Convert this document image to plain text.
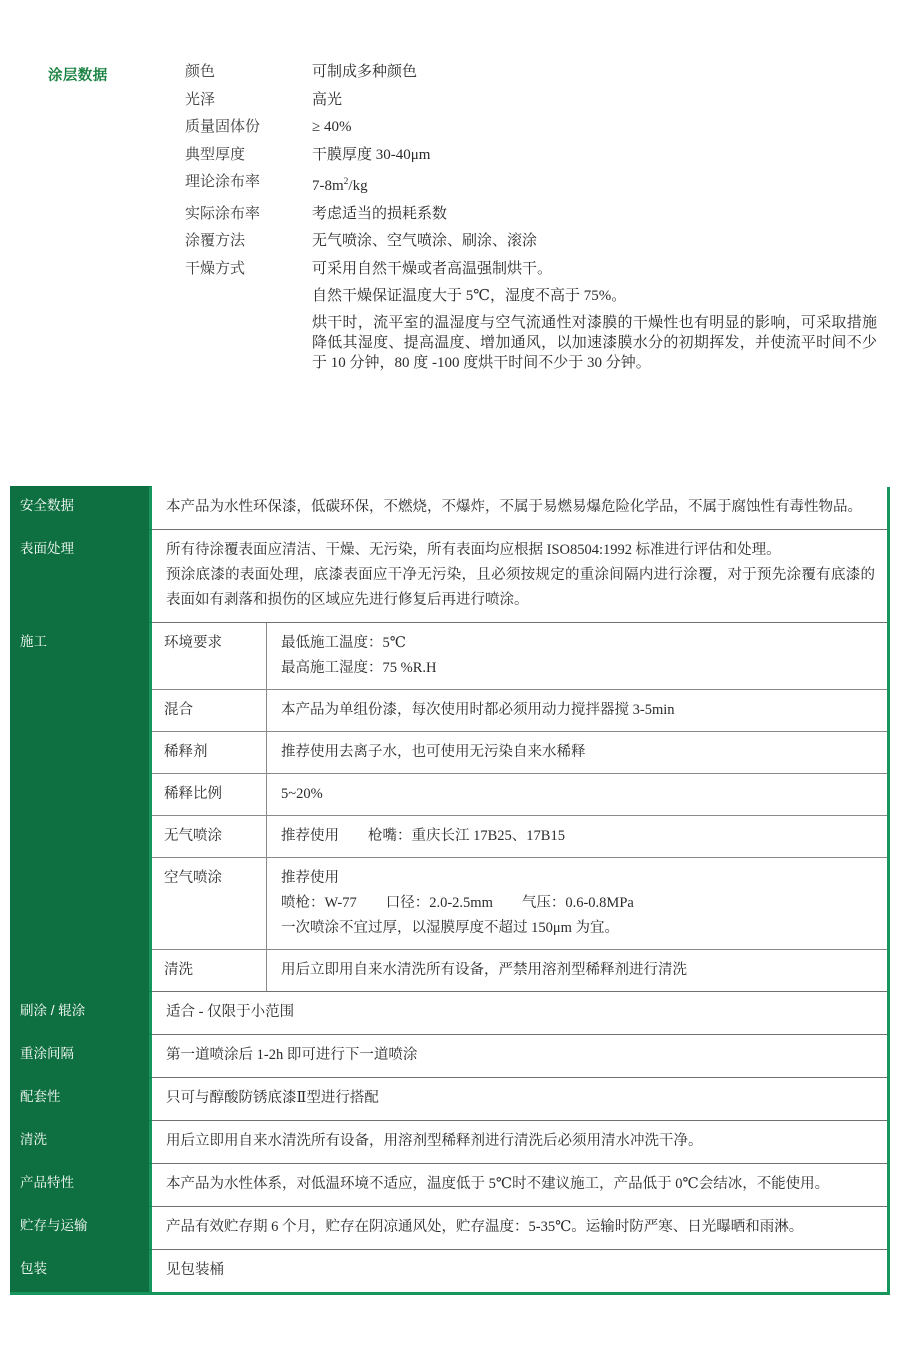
涂层数据	颜色	可制成多种颜色
光泽	高光
质量固体份	≥ 40%
典型厚度	干膜厚度 30-40μm
理论涂布率	$7-8m^2/kg$
实际涂布率	考虑适当的损耗系数
涂覆方法	无气喷涂、空气喷涂、刷涂、滚涂
干燥方式	可采用自然干燥或者高温强制烘干。
自然干燥保证温度大于 5℃，湿度不高于 75%。
烘干时，流平室的温湿度与空气流通性对漆膜的干燥性也有明显的影响，可采取措施降低其湿度、提高温度、增加通风，以加速漆膜水分的初期挥发，并使流平时间不少于 10 分钟，80 度 -100 度烘干时间不少于 30 分钟。
安全数据	本产品为水性环保漆，低碳环保，不燃烧，不爆炸，不属于易燃易爆危险化学品，不属于腐蚀性有毒性物品。

表面处理	所有待涂覆表面应清洁、干燥、无污染，所有表面均应根据 ISO8504:1992 标准进行评估和处理。

预涂底漆的表面处理，底漆表面应干净无污染，且必须按规定的重涂间隔内进行涂覆，对于预先涂覆有底漆的表面如有剥落和损伤的区域应先进行修复后再进行喷涂。

施工	环境要求	最低施工温度：5℃

最高施工湿度：75 %R.H

混合	本产品为单组份漆，每次使用时都必须用动力搅拌器搅 3-5min

稀释剂	推荐使用去离子水，也可使用无污染自来水稀释

稀释比例	5~20%

无气喷涂	推荐使用　　枪嘴：重庆长江 17B25、17B15

空气喷涂	推荐使用

喷枪：W-77　　口径：2.0-2.5mm　　气压：0.6-0.8MPa

一次喷涂不宜过厚，以湿膜厚度不超过 150μm 为宜。

清洗	用后立即用自来水清洗所有设备，严禁用溶剂型稀释剂进行清洗

刷涂 / 辊涂	适合 - 仅限于小范围

重涂间隔	第一道喷涂后 1-2h 即可进行下一道喷涂

配套性	只可与醇酸防锈底漆Ⅱ型进行搭配

清洗	用后立即用自来水清洗所有设备，用溶剂型稀释剂进行清洗后必须用清水冲洗干净。

产品特性	本产品为水性体系，对低温环境不适应，温度低于 5℃时不建议施工，产品低于 0℃会结冰，不能使用。

贮存与运输	产品有效贮存期 6 个月，贮存在阴凉通风处，贮存温度：5-35℃。运输时防严寒、日光曝晒和雨淋。

包装	见包装桶
